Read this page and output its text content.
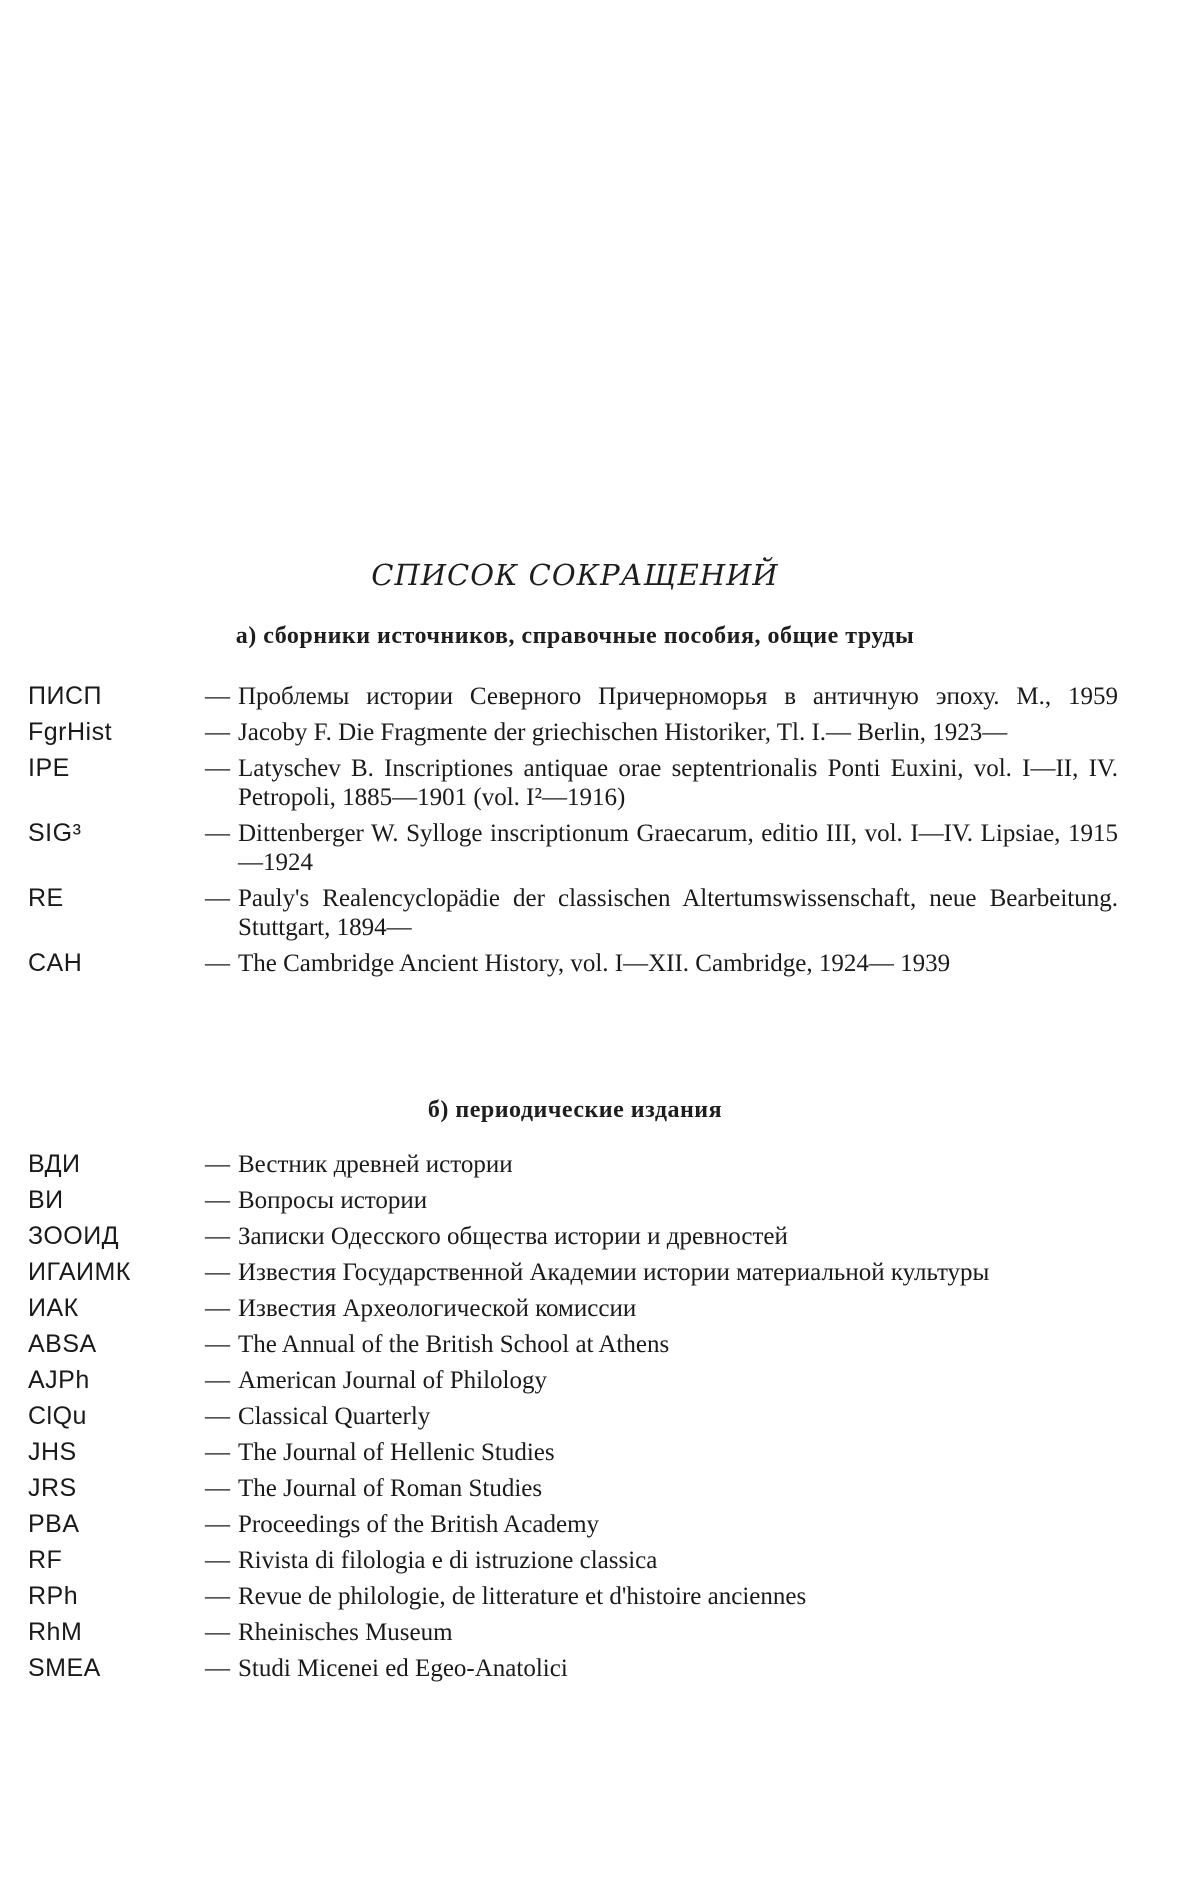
СПИСОК СОКРАЩЕНИЙ
а) сборники источников, справочные пособия, общие труды
ПИСП	— Проблемы истории Северного Причерноморья в античную эпоху. М., 1959
FgrHist	— Jacoby F. Die Fragmente der griechischen Historiker, Tl. I.— Berlin, 1923—
IPE	— Latyschev B. Inscriptiones antiquae orae septentrionalis Ponti Euxini, vol. I—II, IV. Petropoli, 1885—1901 (vol. I²—1916)
SIG³	— Dittenberger W. Sylloge inscriptionum Graecarum, editio III, vol. I—IV. Lipsiae, 1915—1924
RE	— Pauly's Realencyclopädie der classischen Altertumswissenschaft, neue Bearbeitung. Stuttgart, 1894—
CAH	— The Cambridge Ancient History, vol. I—XII. Cambridge, 1924— 1939
б) периодические издания
ВДИ	— Вестник древней истории
ВИ	— Вопросы истории
ЗООИД	— Записки Одесского общества истории и древностей
ИГАИМК	— Известия Государственной Академии истории материальной культуры
ИАК	— Известия Археологической комиссии
ABSA	— The Annual of the British School at Athens
AJPh	— American Journal of Philology
ClQu	— Classical Quarterly
JHS	— The Journal of Hellenic Studies
JRS	— The Journal of Roman Studies
PBA	— Proceedings of the British Academy
RF	— Rivista di filologia e di istruzione classica
RPh	— Revue de philologie, de litterature et d'histoire anciennes
RhM	— Rheinisches Museum
SMEA	— Studi Micenei ed Egeo-Anatolici
